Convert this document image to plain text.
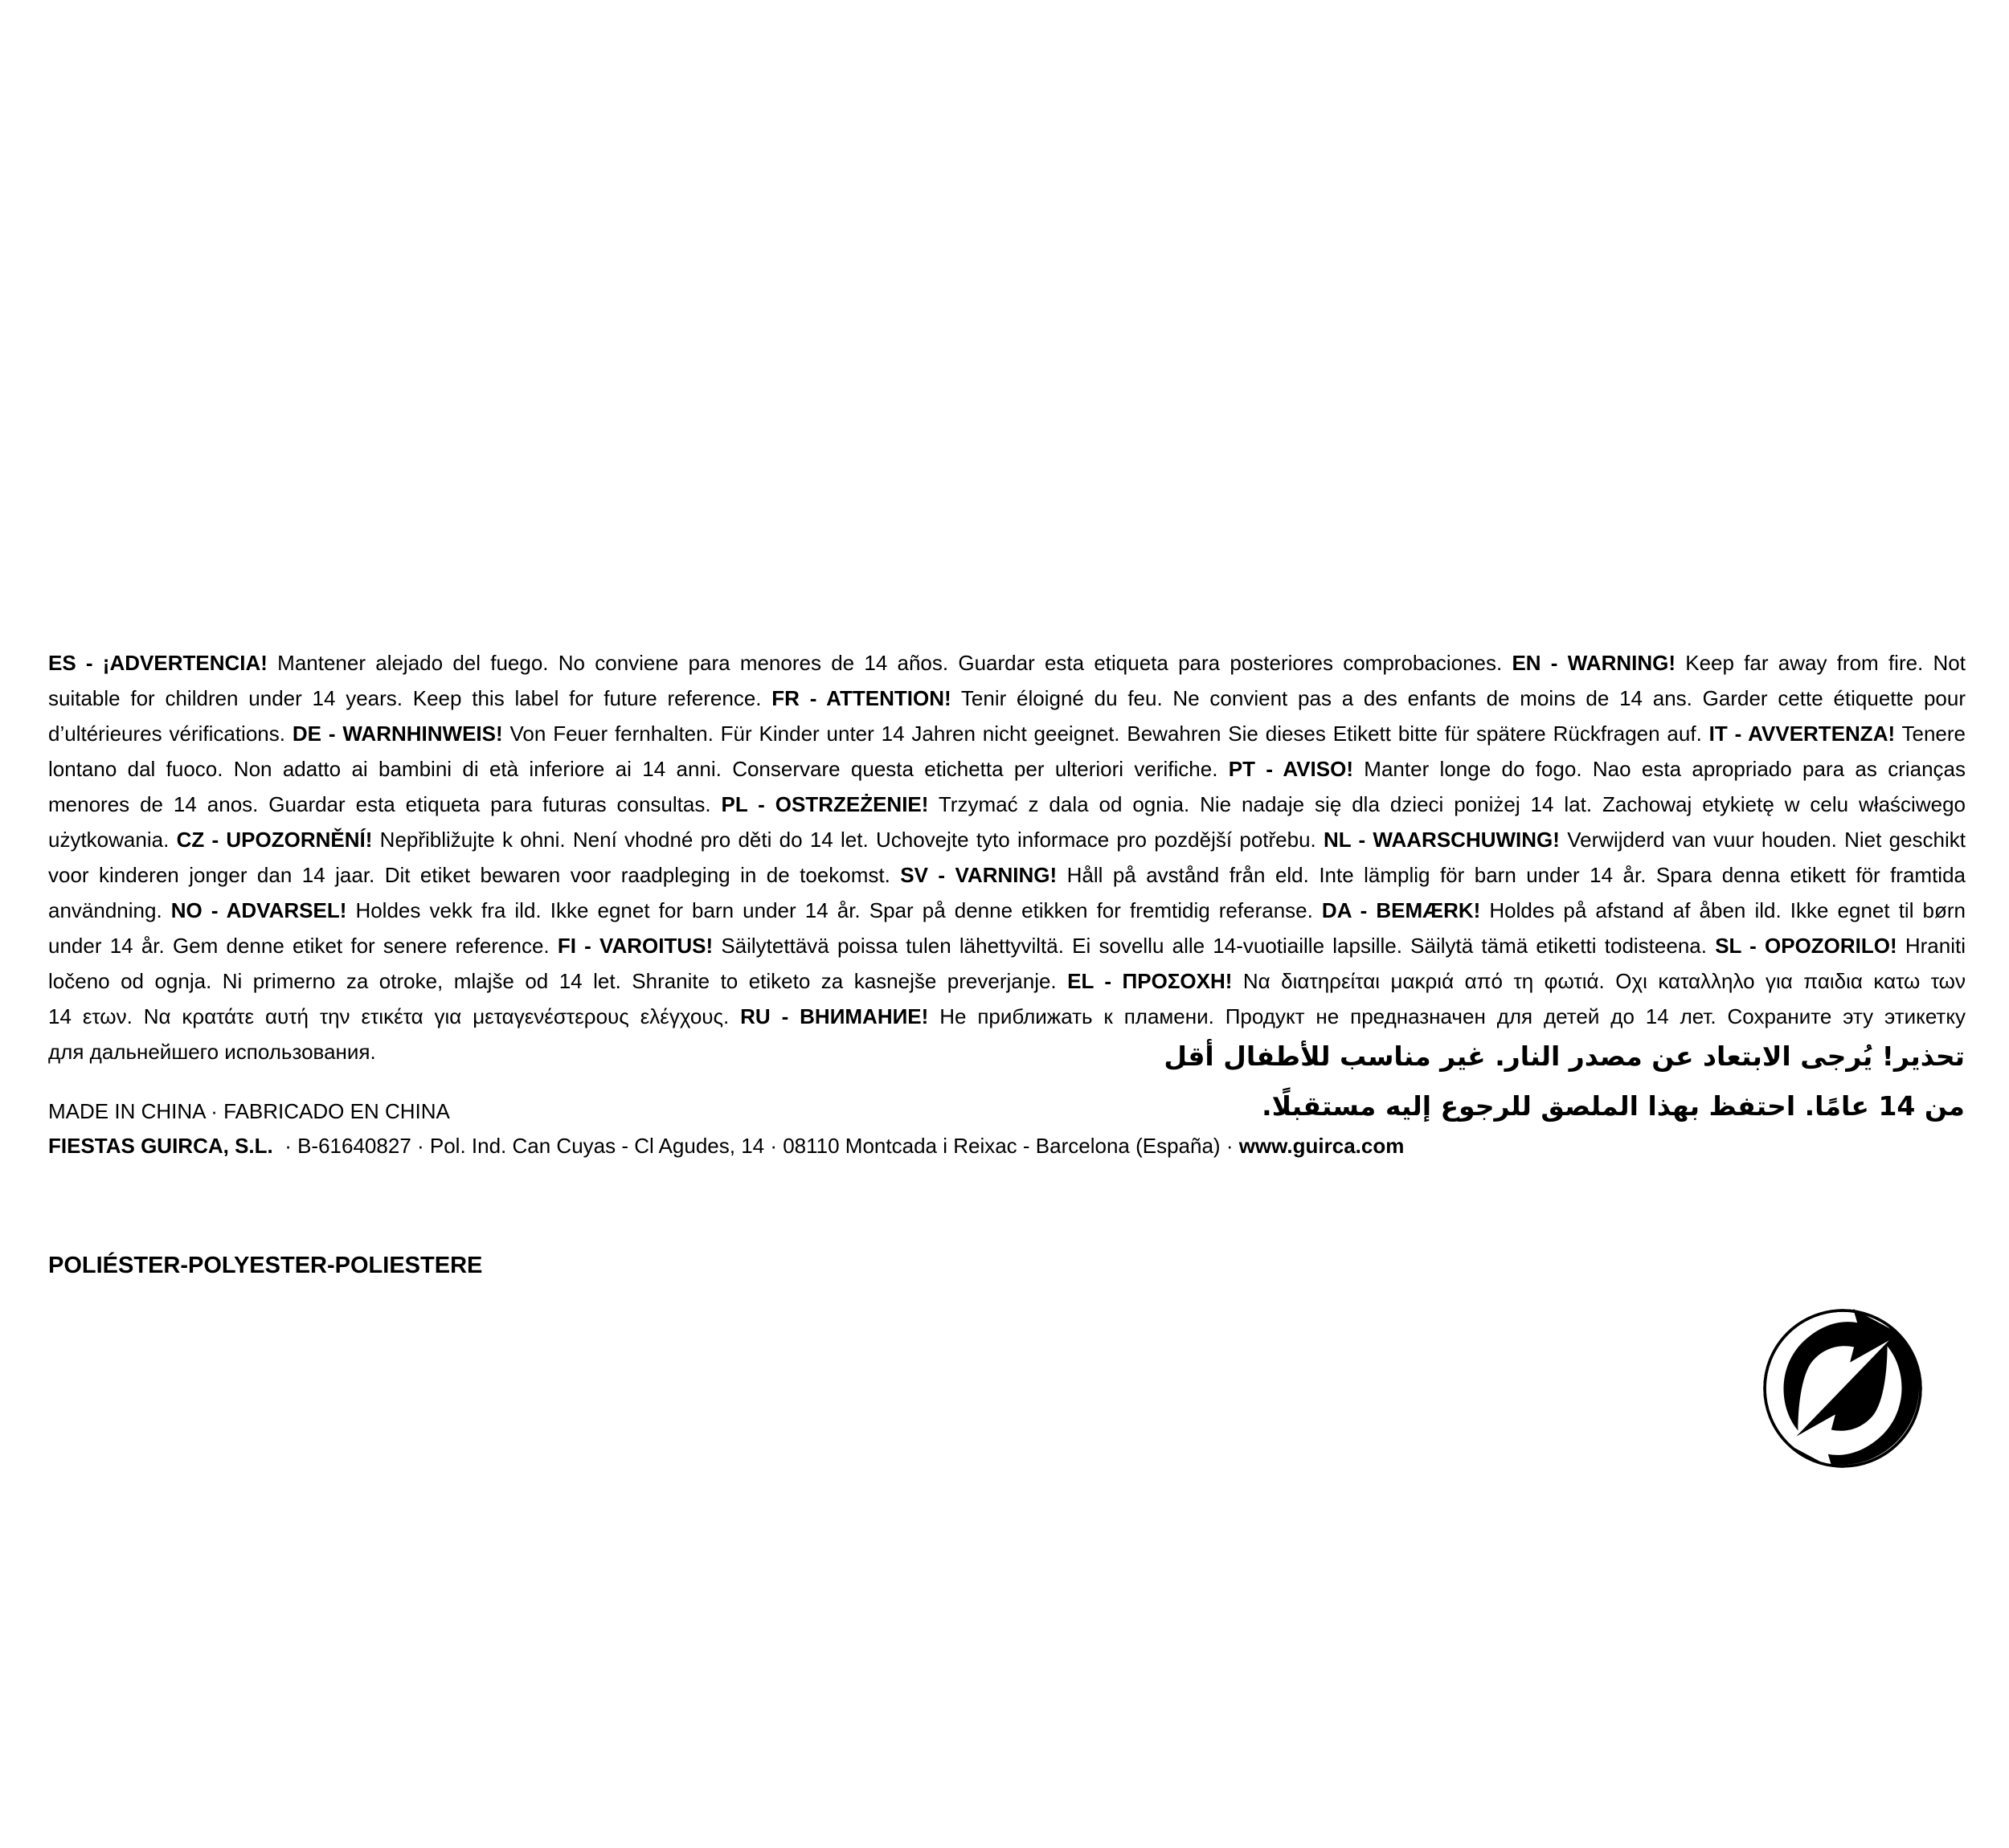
ES - ¡ADVERTENCIA! Mantener alejado del fuego. No conviene para menores de 14 años. Guardar esta etiqueta para posteriores comprobaciones. EN - WARNING! Keep far away from fire. Not
suitable for children under 14 years. Keep this label for future reference. FR - ATTENTION! Tenir éloigné du feu. Ne convient pas a des enfants de moins de 14 ans. Garder cette étiquette pour
d’ultérieures vérifications. DE - WARNHINWEIS! Von Feuer fernhalten. Für Kinder unter 14 Jahren nicht geeignet. Bewahren Sie dieses Etikett bitte für spätere Rückfragen auf. IT - AVVERTENZA! Tenere
lontano dal fuoco. Non adatto ai bambini di età inferiore ai 14 anni. Conservare questa etichetta per ulteriori verifiche. PT - AVISO! Manter longe do fogo. Nao esta apropriado para as crianças
menores de 14 anos. Guardar esta etiqueta para futuras consultas. PL - OSTRZEŻENIE! Trzymać z dala od ognia. Nie nadaje się dla dzieci poniżej 14 lat. Zachowaj etykietę w celu właściwego
użytkowania. CZ - UPOZORNĚNÍ! Nepřibližujte k ohni. Není vhodné pro děti do 14 let. Uchovejte tyto informace pro pozdější potřebu. NL - WAARSCHUWING! Verwijderd van vuur houden. Niet geschikt
voor kinderen jonger dan 14 jaar. Dit etiket bewaren voor raadpleging in de toekomst. SV - VARNING! Håll på avstånd från eld. Inte lämplig för barn under 14 år. Spara denna etikett för framtida
användning. NO - ADVARSEL! Holdes vekk fra ild. Ikke egnet for barn under 14 år. Spar på denne etikken for fremtidig referanse. DA - BEMÆRK! Holdes på afstand af åben ild. Ikke egnet til børn
under 14 år. Gem denne etiket for senere reference. FI - VAROITUS! Säilytettävä poissa tulen lähettyviltä. Ei sovellu alle 14-vuotiaille lapsille. Säilytä tämä etiketti todisteena. SL - OPOZORILO! Hraniti
ločeno od ognja. Ni primerno za otroke, mlajše od 14 let. Shranite to etiketo za kasnejše preverjanje. EL - ΠΡΟΣΟΧΗ! Να διατηρείται μακριά από τη φωτιά. Οχι καταλληλο για παιδια κατω των
14 ετων. Να κρατάτε αυτή την ετικέτα για μεταγενέστερους ελέγχους. RU - ВНИМАНИЕ! Не приближать к пламени. Продукт не предназначен для детей до 14 лет. Сохраните эту этикетку
для дальнейшего использования.	تحذير! يُرجى الابتعاد عن مصدر النار. غير مناسب للأطفال أقل
من 14 عامًا. احتفظ بهذا الملصق للرجوع إليه مستقبلًا.
MADE IN CHINA · FABRICADO EN CHINA
FIESTAS GUIRCA, S.L.  · B-61640827 · Pol. Ind. Can Cuyas - Cl Agudes, 14 · 08110 Montcada i Reixac - Barcelona (España) · www.guirca.com
POLIÉSTER-POLYESTER-POLIESTERE
